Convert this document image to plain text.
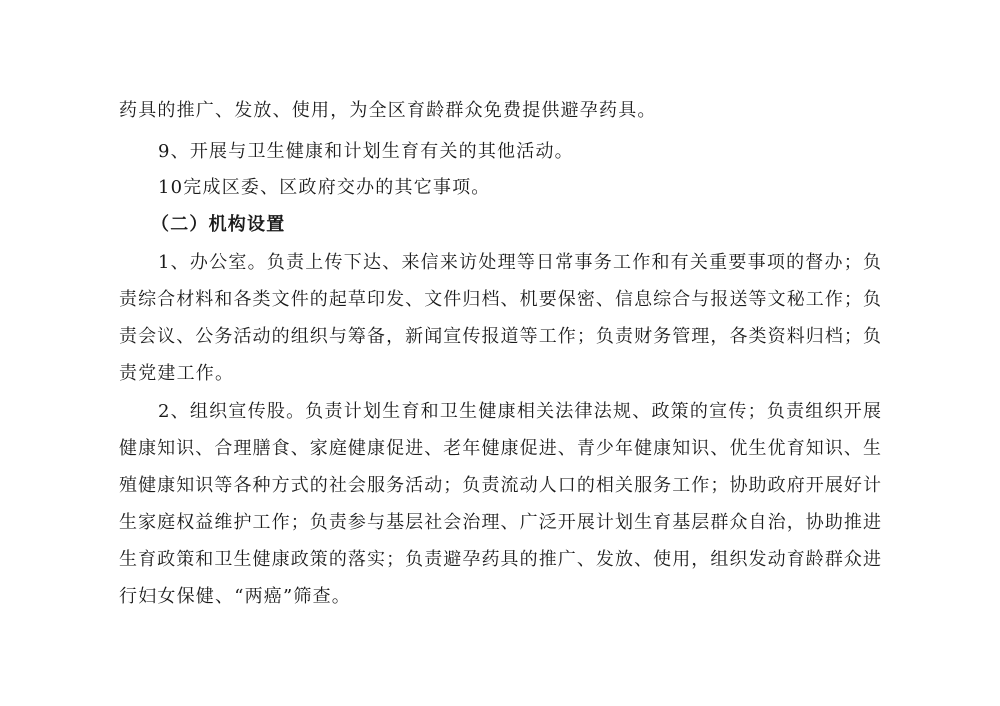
药具的推广、发放、使用，为全区育龄群众免费提供避孕药具。
9、开展与卫生健康和计划生育有关的其他活动。
10完成区委、区政府交办的其它事项。
（二）机构设置
1、办公室。负责上传下达、来信来访处理等日常事务工作和有关重要事项的督办；负
责综合材料和各类文件的起草印发、文件归档、机要保密、信息综合与报送等文秘工作；负
责会议、公务活动的组织与筹备，新闻宣传报道等工作；负责财务管理，各类资料归档；负
责党建工作。
2、组织宣传股。负责计划生育和卫生健康相关法律法规、政策的宣传；负责组织开展
健康知识、合理膳食、家庭健康促进、老年健康促进、青少年健康知识、优生优育知识、生
殖健康知识等各种方式的社会服务活动；负责流动人口的相关服务工作；协助政府开展好计
生家庭权益维护工作；负责参与基层社会治理、广泛开展计划生育基层群众自治，协助推进
生育政策和卫生健康政策的落实；负责避孕药具的推广、发放、使用，组织发动育龄群众进
行妇女保健、“两癌”筛查。
